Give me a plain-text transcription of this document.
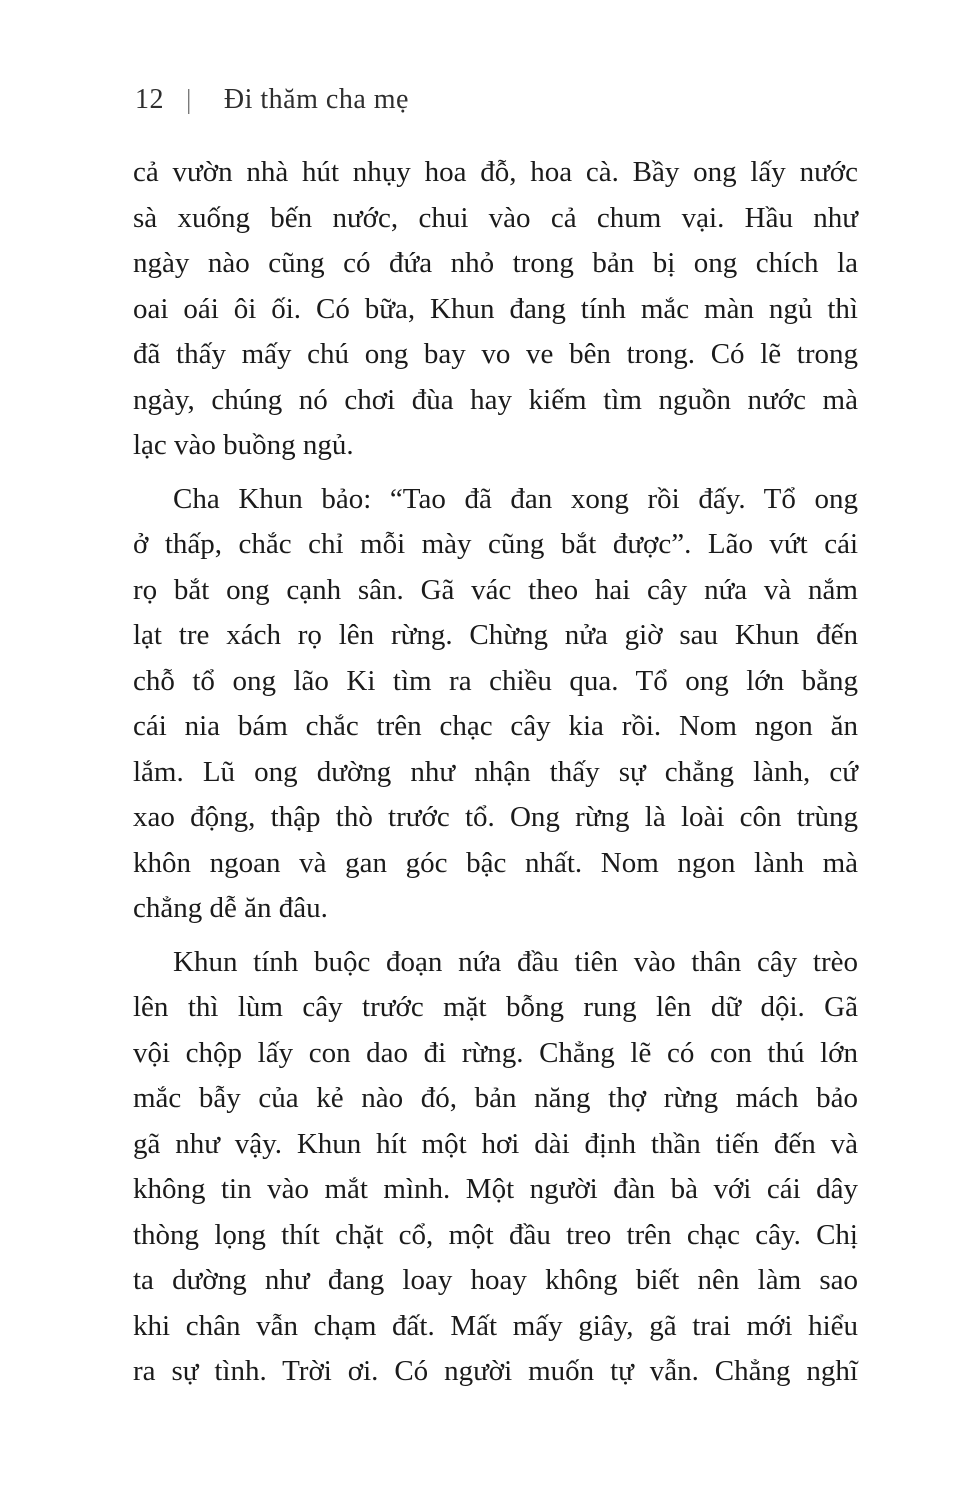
12 | Đi thăm cha mẹ
cả vườn nhà hút nhụy hoa đỗ, hoa cà. Bầy ong lấy nước
sà xuống bến nước, chui vào cả chum vại. Hầu như
ngày nào cũng có đứa nhỏ trong bản bị ong chích la
oai oái ôi ối. Có bữa, Khun đang tính mắc màn ngủ thì
đã thấy mấy chú ong bay vo ve bên trong. Có lẽ trong
ngày, chúng nó chơi đùa hay kiếm tìm nguồn nước mà
lạc vào buồng ngủ.
Cha Khun bảo: “Tao đã đan xong rồi đấy. Tổ ong
ở thấp, chắc chỉ mỗi mày cũng bắt được”. Lão vứt cái
rọ bắt ong cạnh sân. Gã vác theo hai cây nứa và nắm
lạt tre xách rọ lên rừng. Chừng nửa giờ sau Khun đến
chỗ tổ ong lão Ki tìm ra chiều qua. Tổ ong lớn bằng
cái nia bám chắc trên chạc cây kia rồi. Nom ngon ăn
lắm. Lũ ong dường như nhận thấy sự chẳng lành, cứ
xao động, thập thò trước tổ. Ong rừng là loài côn trùng
khôn ngoan và gan góc bậc nhất. Nom ngon lành mà
chẳng dễ ăn đâu.
Khun tính buộc đoạn nứa đầu tiên vào thân cây trèo
lên thì lùm cây trước mặt bỗng rung lên dữ dội. Gã
vội chộp lấy con dao đi rừng. Chẳng lẽ có con thú lớn
mắc bẫy của kẻ nào đó, bản năng thợ rừng mách bảo
gã như vậy. Khun hít một hơi dài định thần tiến đến và
không tin vào mắt mình. Một người đàn bà với cái dây
thòng lọng thít chặt cổ, một đầu treo trên chạc cây. Chị
ta dường như đang loay hoay không biết nên làm sao
khi chân vẫn chạm đất. Mất mấy giây, gã trai mới hiểu
ra sự tình. Trời ơi. Có người muốn tự vẫn. Chẳng nghĩ
